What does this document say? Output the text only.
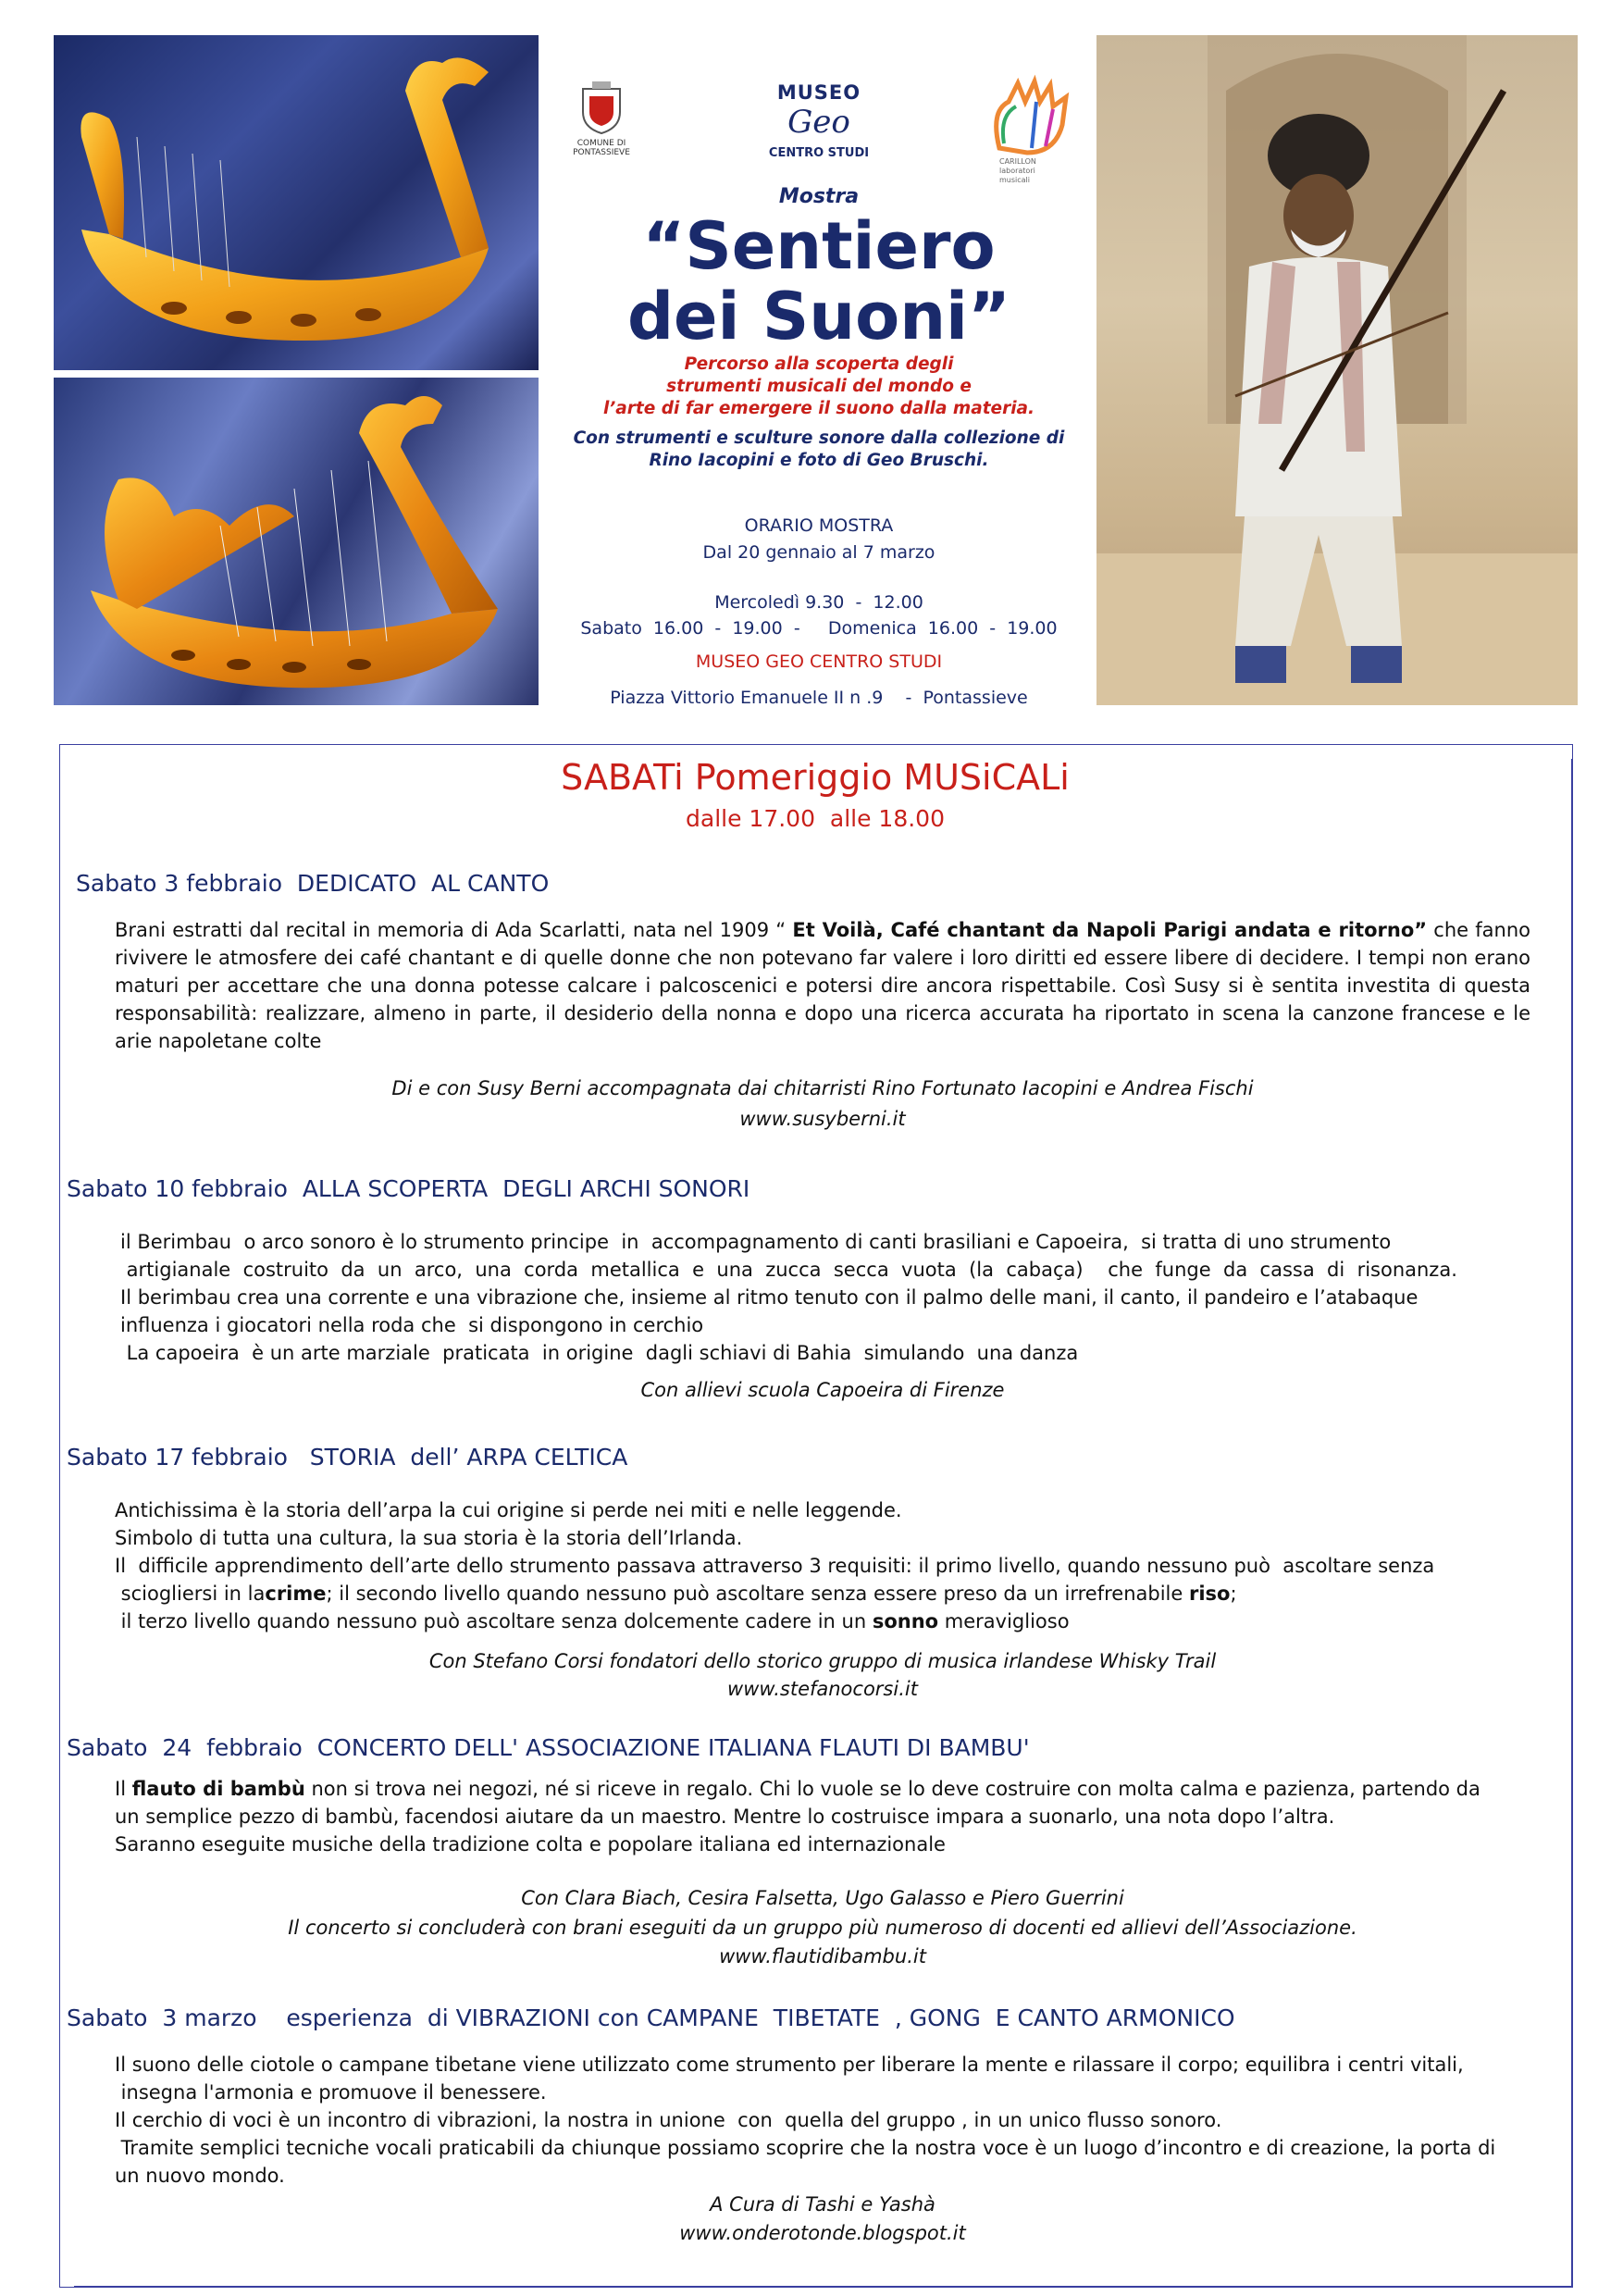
COMUNE DI PONTASSIEVE
CARILLON laboratori musicali
MUSEO
Geo
CENTRO STUDI
Mostra
“Sentiero
dei Suoni”
Percorso alla scoperta degli
strumenti musicali del mondo e
l’arte di far emergere il suono dalla materia.
Con strumenti e sculture sonore dalla collezione di
Rino Iacopini e foto di Geo Bruschi.
ORARIO MOSTRA
Dal 20 gennaio al 7 marzo
Mercoledì 9.30  -  12.00
Sabato  16.00  -  19.00  -     Domenica  16.00  -  19.00
MUSEO GEO CENTRO STUDI
Piazza Vittorio Emanuele II n .9    -  Pontassieve
SABATi Pomeriggio MUSiCALi
dalle 17.00  alle 18.00
Sabato 3 febbraio  DEDICATO  AL CANTO
Brani estratti dal recital in memoria di Ada Scarlatti, nata nel 1909 “ Et Voilà, Café chantant da Napoli Parigi andata e ritorno” che fanno rivivere le atmosfere dei café chantant e di quelle donne che non potevano far valere i loro diritti ed essere libere di decidere. I tempi non erano maturi per accettare che una donna potesse calcare i palcoscenici e potersi dire ancora rispettabile. Così Susy si è sentita investita di questa responsabilità: realizzare, almeno in parte, il desiderio della nonna e dopo una ricerca accurata ha riportato in scena la canzone francese e le arie napoletane colte
Di e con Susy Berni accompagnata dai chitarristi Rino Fortunato Iacopini e Andrea Fischi
www.susyberni.it
Sabato 10 febbraio  ALLA SCOPERTA  DEGLI ARCHI SONORI
il Berimbau  o arco sonoro è lo strumento principe  in  accompagnamento di canti brasiliani e Capoeira,  si tratta di uno strumento
artigianale  costruito  da  un  arco,  una  corda  metallica  e  una  zucca  secca  vuota  (la  cabaça)    che  funge  da  cassa  di  risonanza.
Il berimbau crea una corrente e una vibrazione che, insieme al ritmo tenuto con il palmo delle mani, il canto, il pandeiro e l’atabaque
influenza i giocatori nella roda che  si dispongono in cerchio
La capoeira  è un arte marziale  praticata  in origine  dagli schiavi di Bahia  simulando  una danza
Con allievi scuola Capoeira di Firenze
Sabato 17 febbraio   STORIA  dell’ ARPA CELTICA
Antichissima è la storia dell’arpa la cui origine si perde nei miti e nelle leggende.
Simbolo di tutta una cultura, la sua storia è la storia dell’Irlanda.
Il  difficile apprendimento dell’arte dello strumento passava attraverso 3 requisiti: il primo livello, quando nessuno può  ascoltare senza
sciogliersi in lacrime; il secondo livello quando nessuno può ascoltare senza essere preso da un irrefrenabile riso;
il terzo livello quando nessuno può ascoltare senza dolcemente cadere in un sonno meraviglioso
Con Stefano Corsi fondatori dello storico gruppo di musica irlandese Whisky Trail
www.stefanocorsi.it
Sabato  24  febbraio  CONCERTO DELL' ASSOCIAZIONE ITALIANA FLAUTI DI BAMBU'
Il flauto di bambù non si trova nei negozi, né si riceve in regalo. Chi lo vuole se lo deve costruire con molta calma e pazienza, partendo da
un semplice pezzo di bambù, facendosi aiutare da un maestro. Mentre lo costruisce impara a suonarlo, una nota dopo l’altra.
Saranno eseguite musiche della tradizione colta e popolare italiana ed internazionale
Con Clara Biach, Cesira Falsetta, Ugo Galasso e Piero Guerrini
Il concerto si concluderà con brani eseguiti da un gruppo più numeroso di docenti ed allievi dell’Associazione.
www.flautidibambu.it
Sabato  3 marzo    esperienza  di VIBRAZIONI con CAMPANE  TIBETATE  , GONG  E CANTO ARMONICO
Il suono delle ciotole o campane tibetane viene utilizzato come strumento per liberare la mente e rilassare il corpo; equilibra i centri vitali,
insegna l'armonia e promuove il benessere.
Il cerchio di voci è un incontro di vibrazioni, la nostra in unione  con  quella del gruppo , in un unico flusso sonoro.
Tramite semplici tecniche vocali praticabili da chiunque possiamo scoprire che la nostra voce è un luogo d’incontro e di creazione, la porta di
un nuovo mondo.
A Cura di Tashi e Yashà
www.onderotonde.blogspot.it
